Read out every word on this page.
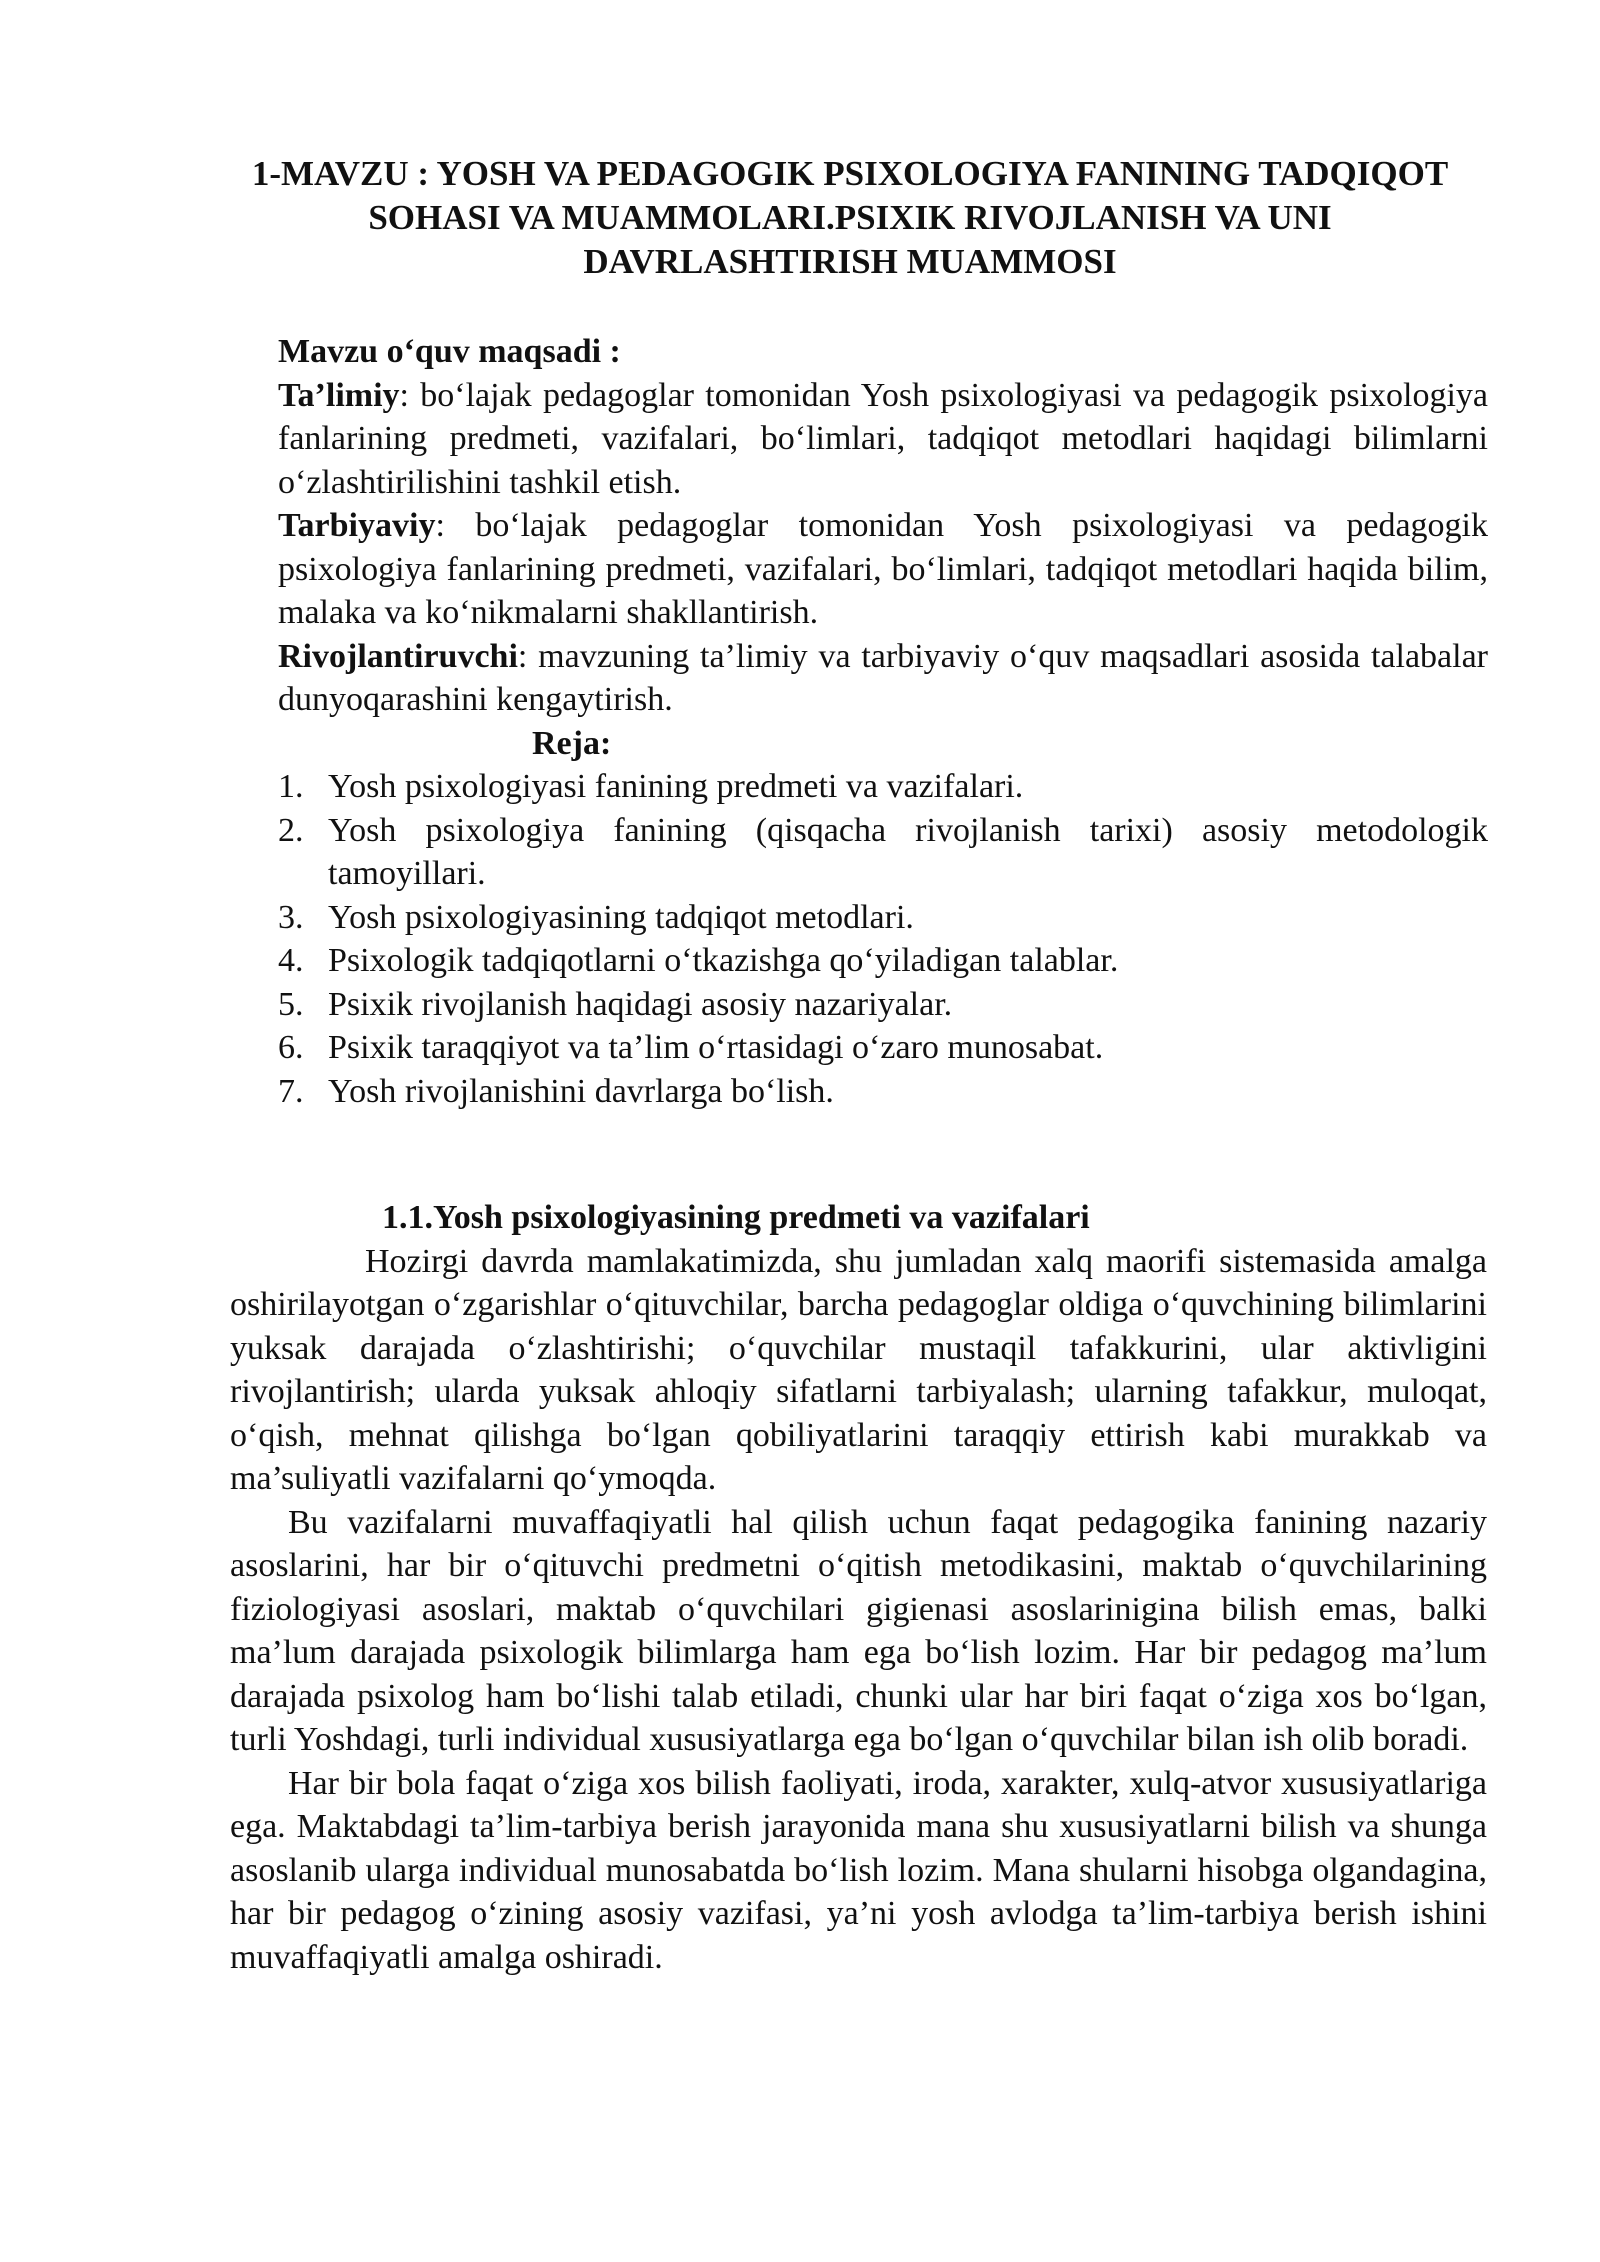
1-MAVZU : YOSH VA PEDAGOGIK PSIXOLOGIYA FANINING TADQIQOT SOHASI VA MUAMMOLARI.PSIXIK RIVOJLANISH VA UNI DAVRLASHTIRISH MUAMMOSI

Mavzu o‘quv maqsadi :

Ta’limiy: bo‘lajak pedagoglar tomonidan Yosh psixologiyasi va pedagogik psixologiya fanlarining predmeti, vazifalari, bo‘limlari, tadqiqot metodlari haqidagi bilimlarni o‘zlashtirilishini tashkil etish.

Tarbiyaviy: bo‘lajak pedagoglar tomonidan Yosh psixologiyasi va pedagogik psixologiya fanlarining predmeti, vazifalari, bo‘limlari, tadqiqot metodlari haqida bilim, malaka va ko‘nikmalarni shakllantirish.

Rivojlantiruvchi: mavzuning ta’limiy va tarbiyaviy o‘quv maqsadlari asosida talabalar dunyoqarashini kengaytirish.

Reja:

1. Yosh psixologiyasi fanining predmeti va vazifalari.
2. Yosh psixologiya fanining (qisqacha rivojlanish tarixi) asosiy metodologik tamoyillari.
3. Yosh psixologiyasining tadqiqot metodlari.
4. Psixologik tadqiqotlarni o‘tkazishga qo‘yiladigan talablar.
5. Psixik rivojlanish haqidagi asosiy nazariyalar.
6. Psixik taraqqiyot va ta’lim o‘rtasidagi o‘zaro munosabat.
7. Yosh rivojlanishini davrlarga bo‘lish.
1.1.Yosh psixologiyasining predmeti va vazifalari

Hozirgi davrda mamlakatimizda, shu jumladan xalq maorifi sistemasida amalga oshirilayotgan o‘zgarishlar o‘qituvchilar, barcha pedagoglar oldiga o‘quvchining bilimlarini yuksak darajada o‘zlashtirishi; o‘quvchilar mustaqil tafakkurini, ular aktivligini rivojlantirish; ularda yuksak ahloqiy sifatlarni tarbiyalash; ularning tafakkur, muloqat, o‘qish, mehnat qilishga bo‘lgan qobiliyatlarini taraqqiy ettirish kabi murakkab va ma’suliyatli vazifalarni qo‘ymoqda.

Bu vazifalarni muvaffaqiyatli hal qilish uchun faqat pedagogika fanining nazariy asoslarini, har bir o‘qituvchi predmetni o‘qitish metodikasini, maktab o‘quvchilarining fiziologiyasi asoslari, maktab o‘quvchilari gigienasi asoslarinigina bilish emas, balki ma’lum darajada psixologik bilimlarga ham ega bo‘lish lozim. Har bir pedagog ma’lum darajada psixolog ham bo‘lishi talab etiladi, chunki ular har biri faqat o‘ziga xos bo‘lgan, turli Yoshdagi, turli individual xususiyatlarga ega bo‘lgan o‘quvchilar bilan ish olib boradi.

Har bir bola faqat o‘ziga xos bilish faoliyati, iroda, xarakter, xulq-atvor xususiyatlariga ega. Maktabdagi ta’lim-tarbiya berish jarayonida mana shu xususiyatlarni bilish va shunga asoslanib ularga individual munosabatda bo‘lish lozim. Mana shularni hisobga olgandagina, har bir pedagog o‘zining asosiy vazifasi, ya’ni yosh avlodga ta’lim-tarbiya berish ishini muvaffaqiyatli amalga oshiradi.
